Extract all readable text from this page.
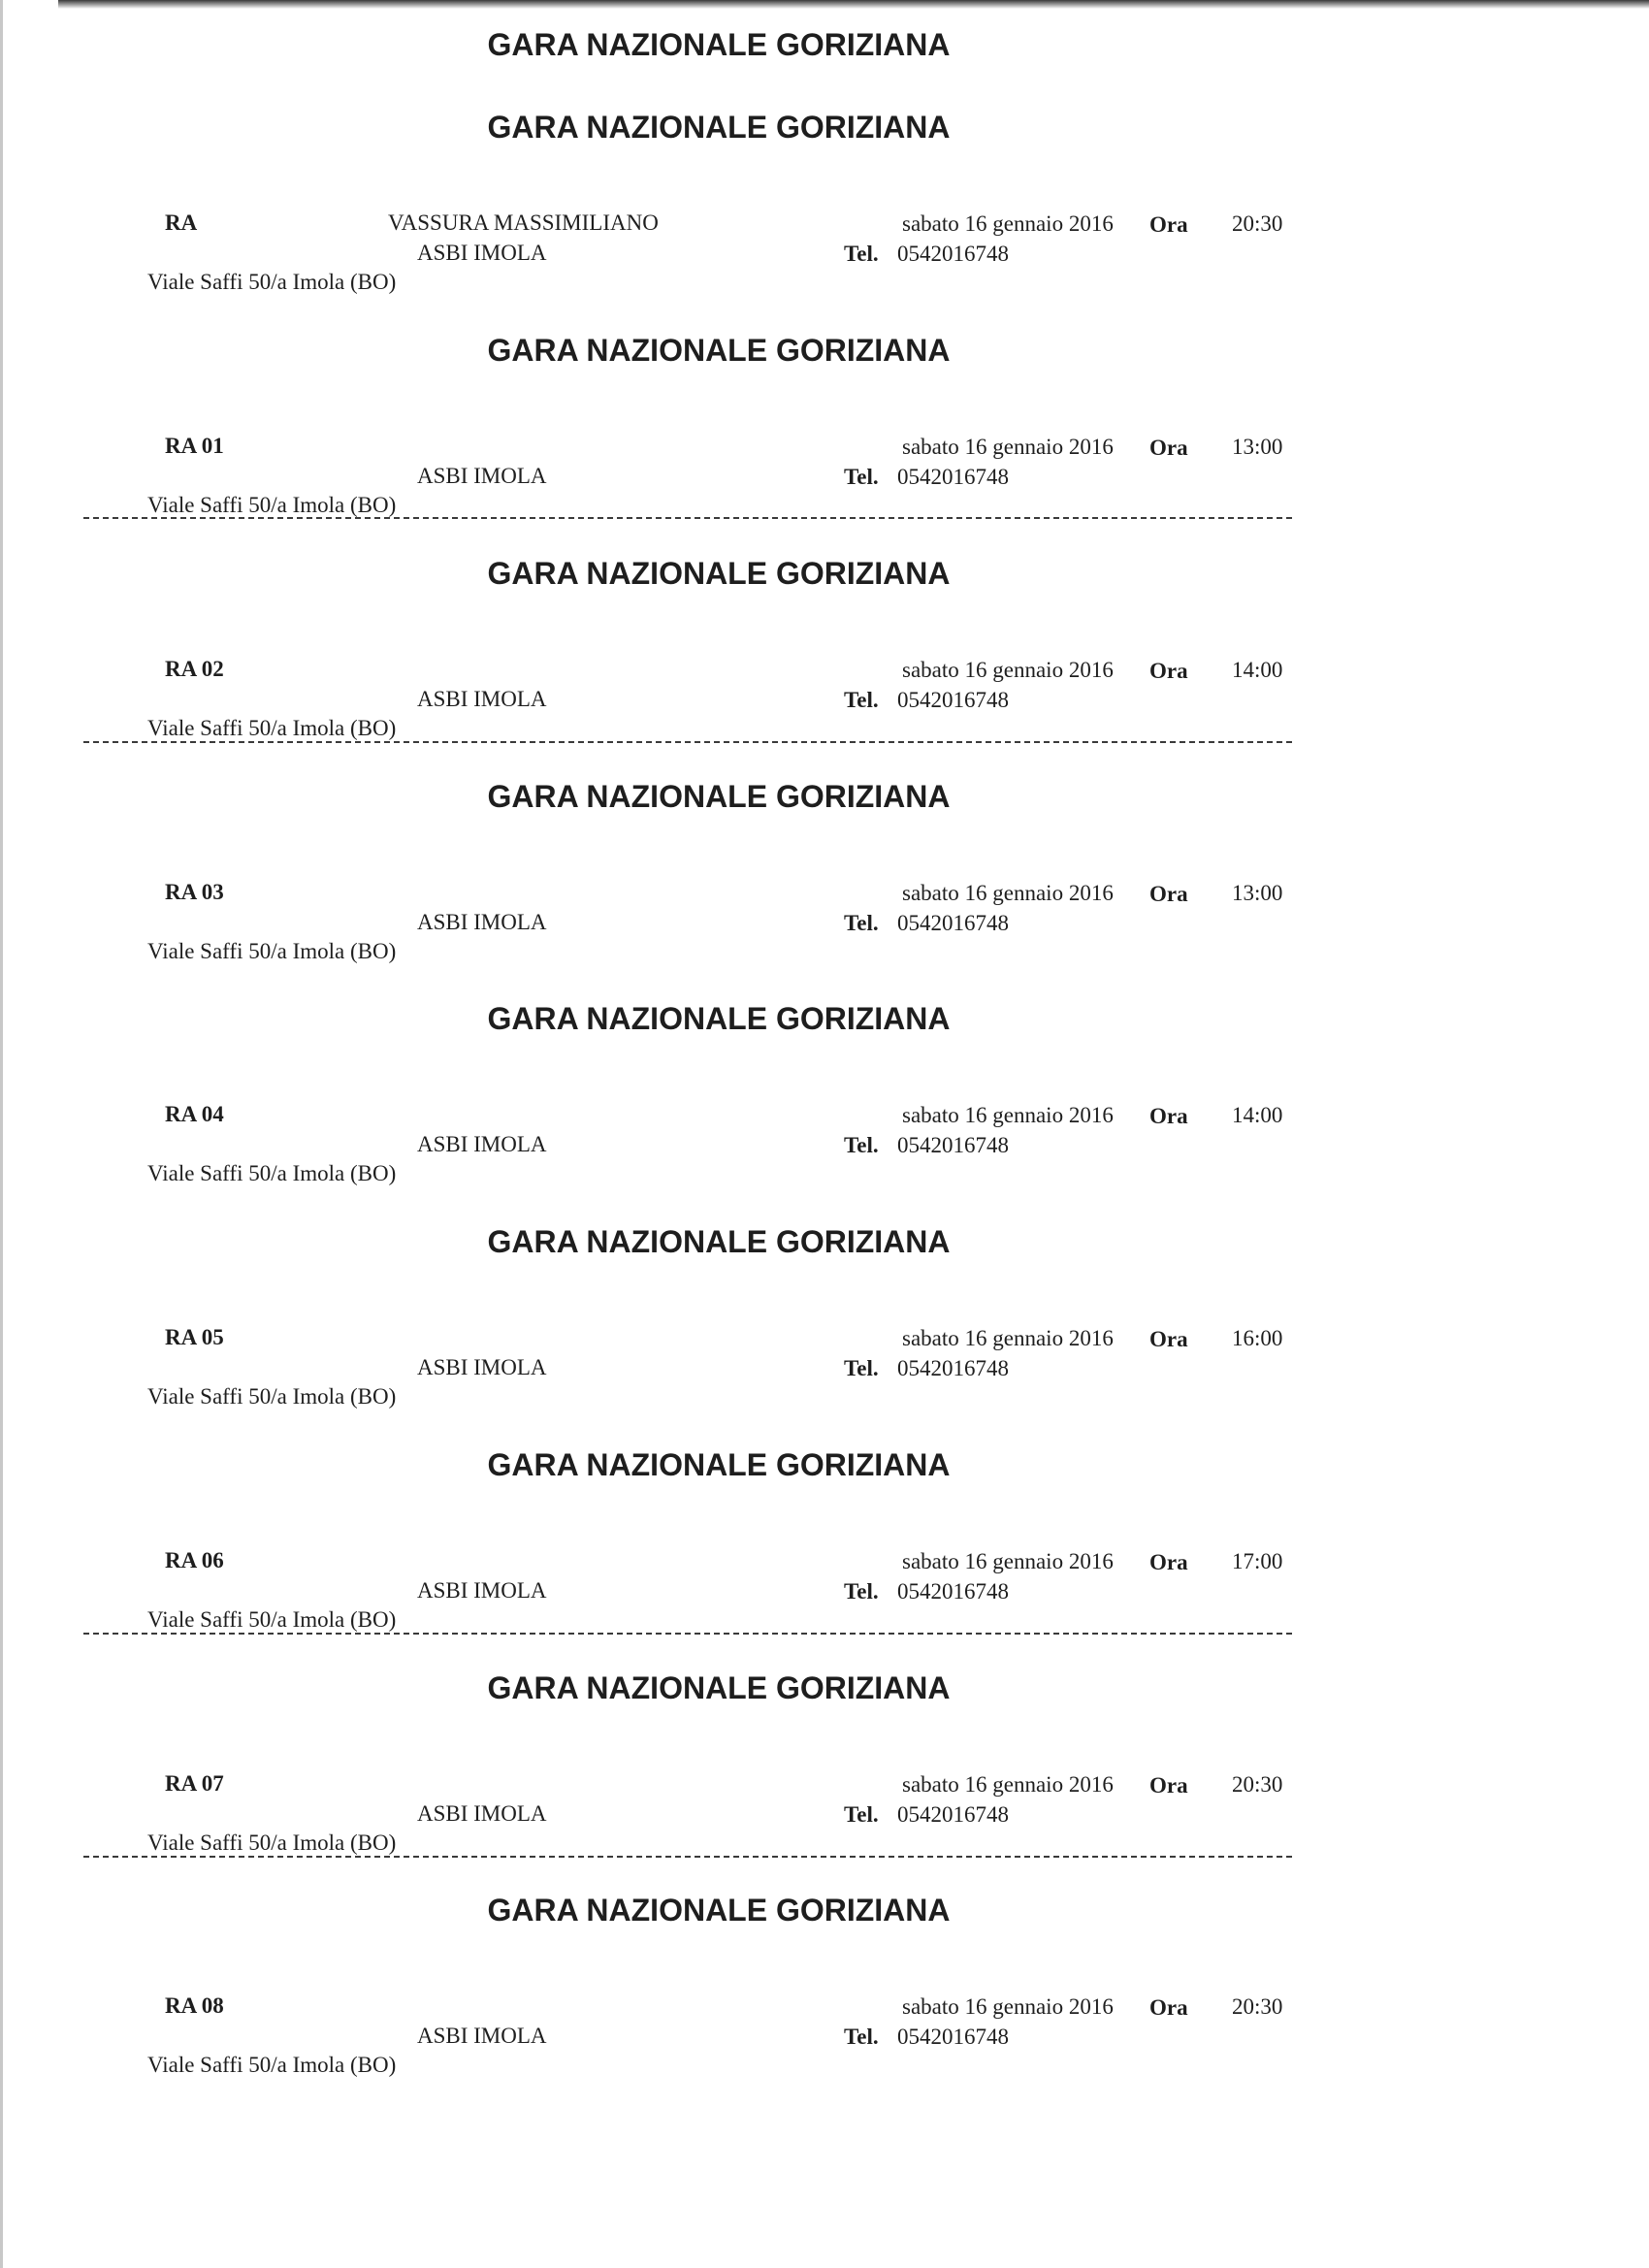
GARA NAZIONALE GORIZIANA
GARA NAZIONALE GORIZIANA
RA	VASSURA MASSIMILIANO
ASBI IMOLA
Viale Saffi 50/a Imola (BO)
sabato 16 gennaio 2016 Ora 20:30
Tel. 0542016748
GARA NAZIONALE GORIZIANA
RA 01
ASBI IMOLA
Viale Saffi 50/a Imola (BO)
sabato 16 gennaio 2016 Ora 13:00
Tel. 0542016748
GARA NAZIONALE GORIZIANA
RA 02
ASBI IMOLA
Viale Saffi 50/a Imola (BO)
sabato 16 gennaio 2016 Ora 14:00
Tel. 0542016748
GARA NAZIONALE GORIZIANA
RA 03
ASBI IMOLA
Viale Saffi 50/a Imola (BO)
sabato 16 gennaio 2016 Ora 13:00
Tel. 0542016748
GARA NAZIONALE GORIZIANA
RA 04
ASBI IMOLA
Viale Saffi 50/a Imola (BO)
sabato 16 gennaio 2016 Ora 14:00
Tel. 0542016748
GARA NAZIONALE GORIZIANA
RA 05
ASBI IMOLA
Viale Saffi 50/a Imola (BO)
sabato 16 gennaio 2016 Ora 16:00
Tel. 0542016748
GARA NAZIONALE GORIZIANA
RA 06
ASBI IMOLA
Viale Saffi 50/a Imola (BO)
sabato 16 gennaio 2016 Ora 17:00
Tel. 0542016748
GARA NAZIONALE GORIZIANA
RA 07
ASBI IMOLA
Viale Saffi 50/a Imola (BO)
sabato 16 gennaio 2016 Ora 20:30
Tel. 0542016748
GARA NAZIONALE GORIZIANA
RA 08
ASBI IMOLA
Viale Saffi 50/a Imola (BO)
sabato 16 gennaio 2016 Ora 20:30
Tel. 0542016748
